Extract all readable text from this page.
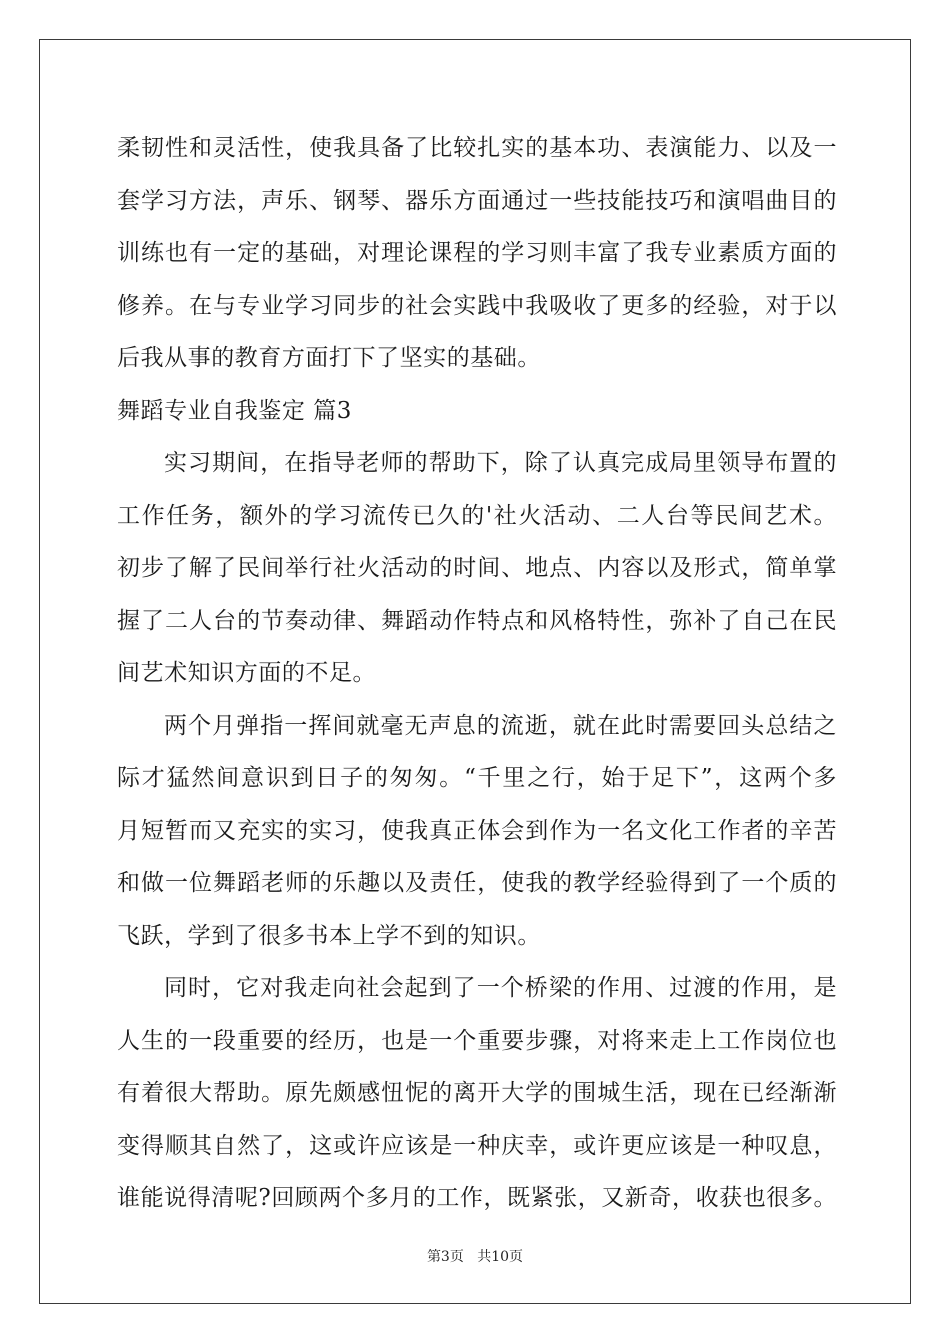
柔韧性和灵活性，使我具备了比较扎实的基本功、表演能力、以及一
套学习方法，声乐、钢琴、器乐方面通过一些技能技巧和演唱曲目的
训练也有一定的基础，对理论课程的学习则丰富了我专业素质方面的
修养。在与专业学习同步的社会实践中我吸收了更多的经验，对于以
后我从事的教育方面打下了坚实的基础。
舞蹈专业自我鉴定 篇3
实习期间，在指导老师的帮助下，除了认真完成局里领导布置的
工作任务，额外的学习流传已久的'社火活动、二人台等民间艺术。
初步了解了民间举行社火活动的时间、地点、内容以及形式，简单掌
握了二人台的节奏动律、舞蹈动作特点和风格特性，弥补了自己在民
间艺术知识方面的不足。
两个月弹指一挥间就毫无声息的流逝，就在此时需要回头总结之
际才猛然间意识到日子的匆匆。“千里之行，始于足下”，这两个多
月短暂而又充实的实习，使我真正体会到作为一名文化工作者的辛苦
和做一位舞蹈老师的乐趣以及责任，使我的教学经验得到了一个质的
飞跃，学到了很多书本上学不到的知识。
同时，它对我走向社会起到了一个桥梁的作用、过渡的作用，是
人生的一段重要的经历，也是一个重要步骤，对将来走上工作岗位也
有着很大帮助。原先颇感忸怩的离开大学的围城生活，现在已经渐渐
变得顺其自然了，这或许应该是一种庆幸，或许更应该是一种叹息，
谁能说得清呢?回顾两个多月的工作，既紧张，又新奇，收获也很多。
第3页 共10页
